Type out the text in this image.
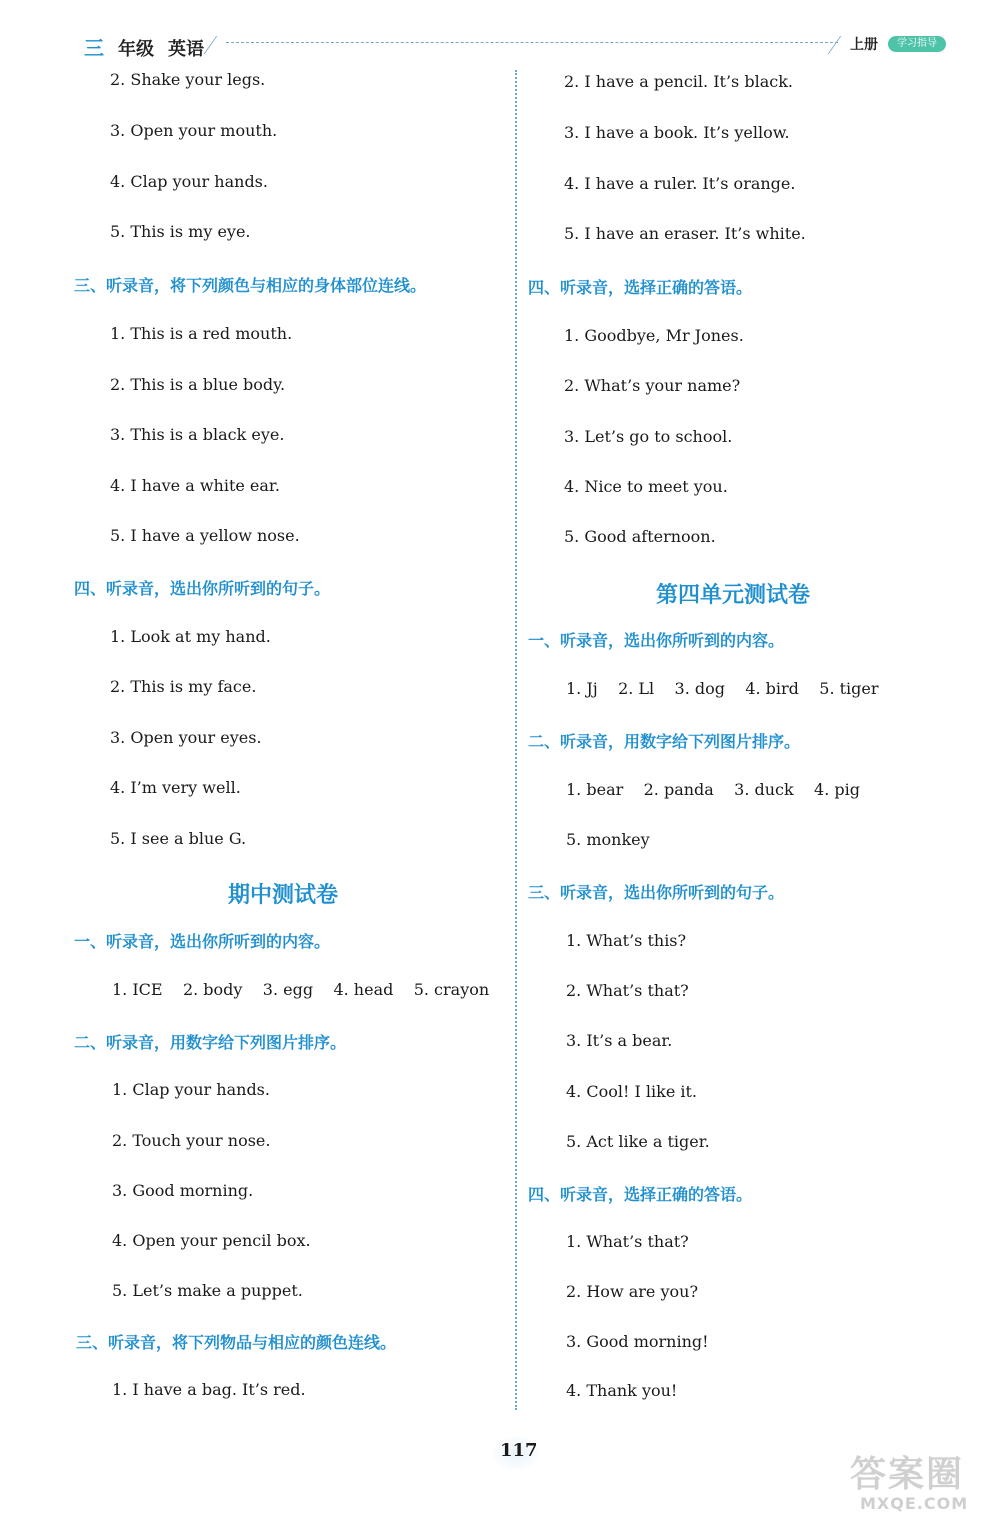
三 年级 英语	上册	学习指导
2. Shake your legs.
3. Open your mouth.
4. Clap your hands.
5. This is my eye.
三、听录音，将下列颜色与相应的身体部位连线。
1. This is a red mouth.
2. This is a blue body.
3. This is a black eye.
4. I have a white ear.
5. I have a yellow nose.
四、听录音，选出你所听到的句子。
1. Look at my hand.
2. This is my face.
3. Open your eyes.
4. I’m very well.
5. I see a blue G.
期中测试卷
一、听录音，选出你所听到的内容。
1. ICE    2. body    3. egg    4. head    5. crayon
二、听录音，用数字给下列图片排序。
1. Clap your hands.
2. Touch your nose.
3. Good morning.
4. Open your pencil box.
5. Let’s make a puppet.
三、听录音，将下列物品与相应的颜色连线。
1. I have a bag. It’s red.
2. I have a pencil. It’s black.
3. I have a book. It’s yellow.
4. I have a ruler. It’s orange.
5. I have an eraser. It’s white.
四、听录音，选择正确的答语。
1. Goodbye, Mr Jones.
2. What’s your name?
3. Let’s go to school.
4. Nice to meet you.
5. Good afternoon.
第四单元测试卷
一、听录音，选出你所听到的内容。
1. Jj    2. Ll    3. dog    4. bird    5. tiger
二、听录音，用数字给下列图片排序。
1. bear    2. panda    3. duck    4. pig
5. monkey
三、听录音，选出你所听到的句子。
1. What’s this?
2. What’s that?
3. It’s a bear.
4. Cool! I like it.
5. Act like a tiger.
四、听录音，选择正确的答语。
1. What’s that?
2. How are you?
3. Good morning!
4. Thank you!
117
答案圈
MXQE.COM
